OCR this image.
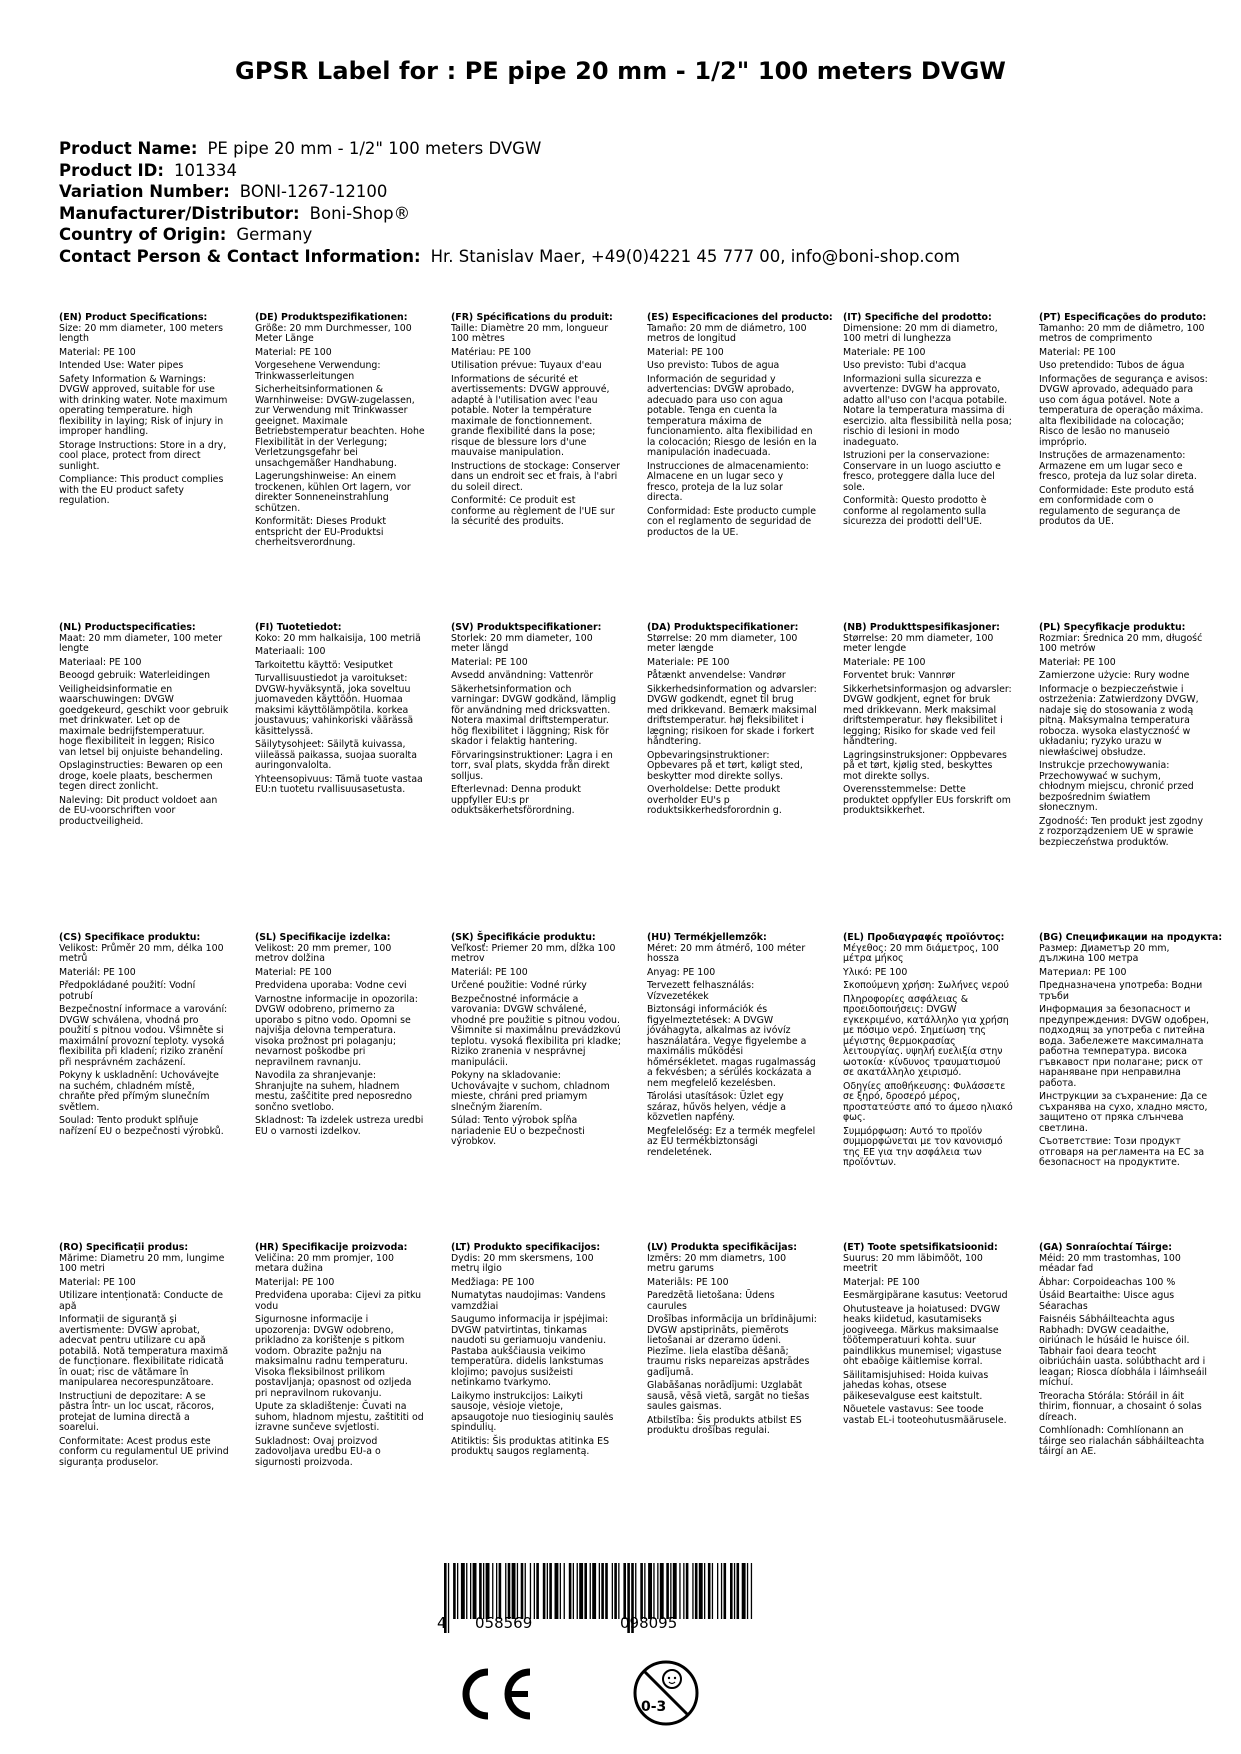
GPSR Label for : PE pipe 20 mm - 1/2" 100 meters DVGW
Product Name : PE pipe 20 mm - 1/2" 100 meters DVGW
Product ID : 101334
Variation Number : BONI-1267-12100
Manufacturer/Distributor : Boni-Shop®
Country of Origin : Germany
Contact Person & Contact Information : Hr. Stanislav Maer, +49(0)4221 45 777 00, info@boni-shop.com
(EN) Product Specifications:
Size: 20 mm diameter, 100 meters length
Material: PE 100
Intended Use: Water pipes
Safety Information & Warnings: DVGW approved, suitable for use with drinking water. Note maximum operating temperature. high flexibility in laying; Risk of injury in improper handling.
Storage Instructions: Store in a dry, cool place, protect from direct sunlight.
Compliance: This product complies with the EU product safety regulation.
(DE) Produktspezifikationen:
Größe: 20 mm Durchmesser, 100 Meter Länge
Material: PE 100
Vorgesehene Verwendung: Trinkwasserleitungen
Sicherheitsinformationen & Warnhinweise: DVGW-zugelassen, zur Verwendung mit Trinkwasser geeignet. Maximale Betriebstemperatur beachten. Hohe Flexibilität in der Verlegung; Verletzungsgefahr bei unsachgemäßer Handhabung.
Lagerungshinweise: An einem trockenen, kühlen Ort lagern, vor direkter Sonneneinstrahlung schützen.
Konformität: Dieses Produkt entspricht der EU-Produktsi cherheitsverordnung.
(FR) Spécifications du produit:
Taille: Diamètre 20 mm, longueur 100 mètres
Matériau: PE 100
Utilisation prévue: Tuyaux d'eau
Informations de sécurité et avertissements: DVGW approuvé, adapté à l'utilisation avec l'eau potable. Noter la température maximale de fonctionnement. grande flexibilité dans la pose; risque de blessure lors d'une mauvaise manipulation.
Instructions de stockage: Conserver dans un endroit sec et frais, à l'abri du soleil direct.
Conformité: Ce produit est conforme au règlement de l'UE sur la sécurité des produits.
(ES) Especificaciones del producto:
Tamaño: 20 mm de diámetro, 100 metros de longitud
Material: PE 100
Uso previsto: Tubos de agua
Información de seguridad y advertencias: DVGW aprobado, adecuado para uso con agua potable. Tenga en cuenta la temperatura máxima de funcionamiento. alta flexibilidad en la colocación; Riesgo de lesión en la manipulación inadecuada.
Instrucciones de almacenamiento: Almacene en un lugar seco y fresco, proteja de la luz solar directa.
Conformidad: Este producto cumple con el reglamento de seguridad de productos de la UE.
(IT) Specifiche del prodotto:
Dimensione: 20 mm di diametro, 100 metri di lunghezza
Materiale: PE 100
Uso previsto: Tubi d'acqua
Informazioni sulla sicurezza e avvertenze: DVGW ha approvato, adatto all'uso con l'acqua potabile. Notare la temperatura massima di esercizio. alta flessibilità nella posa; rischio di lesioni in modo inadeguato.
Istruzioni per la conservazione: Conservare in un luogo asciutto e fresco, proteggere dalla luce del sole.
Conformità: Questo prodotto è conforme al regolamento sulla sicurezza dei prodotti dell'UE.
(PT) Especificações do produto:
Tamanho: 20 mm de diâmetro, 100 metros de comprimento
Material: PE 100
Uso pretendido: Tubos de água
Informações de segurança e avisos: DVGW aprovado, adequado para uso com água potável. Note a temperatura de operação máxima. alta flexibilidade na colocação; Risco de lesão no manuseio impróprio.
Instruções de armazenamento: Armazene em um lugar seco e fresco, proteja da luz solar direta.
Conformidade: Este produto está em conformidade com o regulamento de segurança de produtos da UE.
(NL) Productspecificaties:
Maat: 20 mm diameter, 100 meter lengte
Materiaal: PE 100
Beoogd gebruik: Waterleidingen
Veiligheidsinformatie en waarschuwingen: DVGW goedgekeurd, geschikt voor gebruik met drinkwater. Let op de maximale bedrijfstemperatuur. hoge flexibiliteit in leggen; Risico van letsel bij onjuiste behandeling.
Opslaginstructies: Bewaren op een droge, koele plaats, beschermen tegen direct zonlicht.
Naleving: Dit product voldoet aan de EU-voorschriften voor productveiligheid.
(FI) Tuotetiedot:
Koko: 20 mm halkaisija, 100 metriä
Materiaali: 100
Tarkoitettu käyttö: Vesiputket
Turvallisuustiedot ja varoitukset: DVGW-hyväksyntä, joka soveltuu juomaveden käyttöön. Huomaa maksimi käyttölämpötila. korkea joustavuus; vahinkoriski väärässä käsittelyssä.
Säilytysohjeet: Säilytä kuivassa, viileässä paikassa, suojaa suoralta auringonvalolta.
Yhteensopivuus: Tämä tuote vastaa EU:n tuotetu rvallisuusasetusta.
(SV) Produktspecifikationer:
Storlek: 20 mm diameter, 100 meter längd
Material: PE 100
Avsedd användning: Vattenrör
Säkerhetsinformation och varningar: DVGW godkänd, lämplig för användning med dricksvatten. Notera maximal driftstemperatur. hög flexibilitet i läggning; Risk för skador i felaktig hantering.
Förvaringsinstruktioner: Lagra i en torr, sval plats, skydda från direkt solljus.
Efterlevnad: Denna produkt uppfyller EU:s pr oduktsäkerhetsförordning.
(DA) Produktspecifikationer:
Størrelse: 20 mm diameter, 100 meter længde
Materiale: PE 100
Påtænkt anvendelse: Vandrør
Sikkerhedsinformation og advarsler: DVGW godkendt, egnet til brug med drikkevand. Bemærk maksimal driftstemperatur. høj fleksibilitet i lægning; risikoen for skade i forkert håndtering.
Opbevaringsinstruktioner: Opbevares på et tørt, køligt sted, beskytter mod direkte sollys.
Overholdelse: Dette produkt overholder EU's p roduktsikkerhedsforordnin g.
(NB) Produkttspesifikasjoner:
Størrelse: 20 mm diameter, 100 meter lengde
Materiale: PE 100
Forventet bruk: Vannrør
Sikkerhetsinformasjon og advarsler: DVGW godkjent, egnet for bruk med drikkevann. Merk maksimal driftstemperatur. høy fleksibilitet i legging; Risiko for skade ved feil håndtering.
Lagringsinstruksjoner: Oppbevares på et tørt, kjølig sted, beskyttes mot direkte sollys.
Overensstemmelse: Dette produktet oppfyller EUs forskrift om produktsikkerhet.
(PL) Specyfikacje produktu:
Rozmiar: Średnica 20 mm, długość 100 metrów
Materiał: PE 100
Zamierzone użycie: Rury wodne
Informacje o bezpieczeństwie i ostrzeżenia: Zatwierdzony DVGW, nadaje się do stosowania z wodą pitną. Maksymalna temperatura robocza. wysoka elastyczność w układaniu; ryzyko urazu w niewłaściwej obsłudze.
Instrukcje przechowywania: Przechowywać w suchym, chłodnym miejscu, chronić przed bezpośrednim światłem słonecznym.
Zgodność: Ten produkt jest zgodny z rozporządzeniem UE w sprawie bezpieczeństwa produktów.
(CS) Specifikace produktu:
Velikost: Průměr 20 mm, délka 100 metrů
Materiál: PE 100
Předpokládané použití: Vodní potrubí
Bezpečnostní informace a varování: DVGW schválena, vhodná pro použití s pitnou vodou. Všimněte si maximální provozní teploty. vysoká flexibilita při kladení; riziko zranění při nesprávném zacházení.
Pokyny k uskladnění: Uchovávejte na suchém, chladném místě, chraňte před přímým slunečním světlem.
Soulad: Tento produkt splňuje nařízení EU o bezpečnosti výrobků.
(SL) Specifikacije izdelka:
Velikost: 20 mm premer, 100 metrov dolžina
Material: PE 100
Predvidena uporaba: Vodne cevi
Varnostne informacije in opozorila: DVGW odobreno, primerno za uporabo s pitno vodo. Opomni se najvišja delovna temperatura. visoka prožnost pri polaganju; nevarnost poškodbe pri nepravilnem ravnanju.
Navodila za shranjevanje: Shranjujte na suhem, hladnem mestu, zaščitite pred neposredno sončno svetlobo.
Skladnost: Ta izdelek ustreza uredbi EU o varnosti izdelkov.
(SK) Špecifikácie produktu:
Veľkosť: Priemer 20 mm, dĺžka 100 metrov
Materiál: PE 100
Určené použitie: Vodné rúrky
Bezpečnostné informácie a varovania: DVGW schválené, vhodné pre použitie s pitnou vodou. Všimnite si maximálnu prevádzkovú teplotu. vysoká flexibilita pri kladke; Riziko zranenia v nesprávnej manipulácii.
Pokyny na skladovanie: Uchovávajte v suchom, chladnom mieste, chráni pred priamym slnečným žiarením.
Súlad: Tento výrobok spĺňa nariadenie EÚ o bezpečnosti výrobkov.
(HU) Termékjellemzők:
Méret: 20 mm átmérő, 100 méter hossza
Anyag: PE 100
Tervezett felhasználás: Vízvezetékek
Biztonsági információk és figyelmeztetések: A DVGW jóváhagyta, alkalmas az ivóvíz használatára. Vegye figyelembe a maximális működési hőmérsékletet. magas rugalmasság a fekvésben; a sérülés kockázata a nem megfelelő kezelésben.
Tárolási utasítások: Üzlet egy száraz, hűvös helyen, védje a közvetlen napfény.
Megfelelőség: Ez a termék megfelel az EU termékbiztonsági rendeletének.
(EL) Προδιαγραφές προϊόντος:
Μέγεθος: 20 mm διάμετρος, 100 μέτρα μήκος
Υλικό: PE 100
Σκοπούμενη χρήση: Σωλήνες νερού
Πληροφορίες ασφάλειας & προειδοποιήσεις: DVGW εγκεκριμένο, κατάλληλο για χρήση με πόσιμο νερό. Σημείωση της μέγιστης θερμοκρασίας λειτουργίας. υψηλή ευελιξία στην ωοτοκία· κίνδυνος τραυματισμού σε ακατάλληλο χειρισμό.
Οδηγίες αποθήκευσης: Φυλάσσετε σε ξηρό, δροσερό μέρος, προστατεύστε από το άμεσο ηλιακό φως.
Συμμόρφωση: Αυτό το προϊόν συμμορφώνεται με τον κανονισμό της ΕΕ για την ασφάλεια των προϊόντων.
(BG) Спецификации на продукта:
Размер: Диаметър 20 mm, дължина 100 метра
Материал: PE 100
Предназначена употреба: Водни тръби
Информация за безопасност и предупреждения: DVGW одобрен, подходящ за употреба с питейна вода. Забележете максималната работна температура. висока гъвкавост при полагане; риск от нараняване при неправилна работа.
Инструкции за съхранение: Да се съхранява на сухо, хладно място, защитено от пряка слънчева светлина.
Съответствие: Този продукт отговаря на регламента на ЕС за безопасност на продуктите.
(RO) Specificații produs:
Mărime: Diametru 20 mm, lungime 100 metri
Material: PE 100
Utilizare intenționată: Conducte de apă
Informații de siguranță și avertismente: DVGW aprobat, adecvat pentru utilizare cu apă potabilă. Notă temperatura maximă de funcționare. flexibilitate ridicată în ouat; risc de vătămare în manipularea necorespunzătoare.
Instrucțiuni de depozitare: A se păstra într- un loc uscat, răcoros, protejat de lumina directă a soarelui.
Conformitate: Acest produs este conform cu regulamentul UE privind siguranța produselor.
(HR) Specifikacije proizvoda:
Veličina: 20 mm promjer, 100 metara dužina
Materijal: PE 100
Predviđena uporaba: Cijevi za pitku vodu
Sigurnosne informacije i upozorenja: DVGW odobreno, prikladno za korištenje s pitkom vodom. Obrazite pažnju na maksimalnu radnu temperaturu. Visoka fleksibilnost prilikom postavljanja; opasnost od ozljeda pri nepravilnom rukovanju.
Upute za skladištenje: Čuvati na suhom, hladnom mjestu, zaštititi od izravne sunčeve svjetlosti.
Sukladnost: Ovaj proizvod zadovoljava uredbu EU-a o sigurnosti proizvoda.
(LT) Produkto specifikacijos:
Dydis: 20 mm skersmens, 100 metrų ilgio
Medžiaga: PE 100
Numatytas naudojimas: Vandens vamzdžiai
Saugumo informacija ir įspėjimai: DVGW patvirtintas, tinkamas naudoti su geriamuoju vandeniu. Pastaba aukščiausia veikimo temperatūra. didelis lankstumas klojimo; pavojus susižeisti netinkamo tvarkymo.
Laikymo instrukcijos: Laikyti sausoje, vėsioje vietoje, apsaugotoje nuo tiesioginių saulės spindulių.
Atitiktis: Šis produktas atitinka ES produktų saugos reglamentą.
(LV) Produkta specifikācijas:
Izmērs: 20 mm diametrs, 100 metru garums
Materiāls: PE 100
Paredzētā lietošana: Ūdens caurules
Drošības informācija un brīdinājumi: DVGW apstiprināts, piemērots lietošanai ar dzeramo ūdeni. Piezīme. liela elastība dēšanā; traumu risks nepareizas apstrādes gadījumā.
Glabāšanas norādījumi: Uzglabāt sausā, vēsā vietā, sargāt no tiešas saules gaismas.
Atbilstība: Šis produkts atbilst ES produktu drošības regulai.
(ET) Toote spetsifikatsioonid:
Suurus: 20 mm läbimõõt, 100 meetrit
Materjal: PE 100
Eesmärgipärane kasutus: Veetorud
Ohutusteave ja hoiatused: DVGW heaks kiidetud, kasutamiseks joogiveega. Märkus maksimaalse töötemperatuuri kohta. suur paindlikkus munemisel; vigastuse oht ebaõige käitlemise korral.
Säilitamisjuhised: Hoida kuivas jahedas kohas, otsese päikesevalguse eest kaitstult.
Nõuetele vastavus: See toode vastab EL-i tooteohutusmäärusele.
(GA) Sonraíochtaí Táirge:
Méid: 20 mm trastomhas, 100 méadar fad
Ábhar: Corpoideachas 100 %
Úsáid Beartaithe: Uisce agus Séarachas
Faisnéis Sábháilteachta agus Rabhadh: DVGW ceadaithe, oiriúnach le húsáid le huisce óil. Tabhair faoi deara teocht oibriúcháin uasta. solúbthacht ard i leagan; Riosca díobhála i láimhseáil míchuí.
Treoracha Stórála: Stóráil in áit thirim, fionnuar, a chosaint ó solas díreach.
Comhlíonadh: Comhlíonann an táirge seo rialachán sábháilteachta táirgí an AE.
4 058569	098095
0-3
